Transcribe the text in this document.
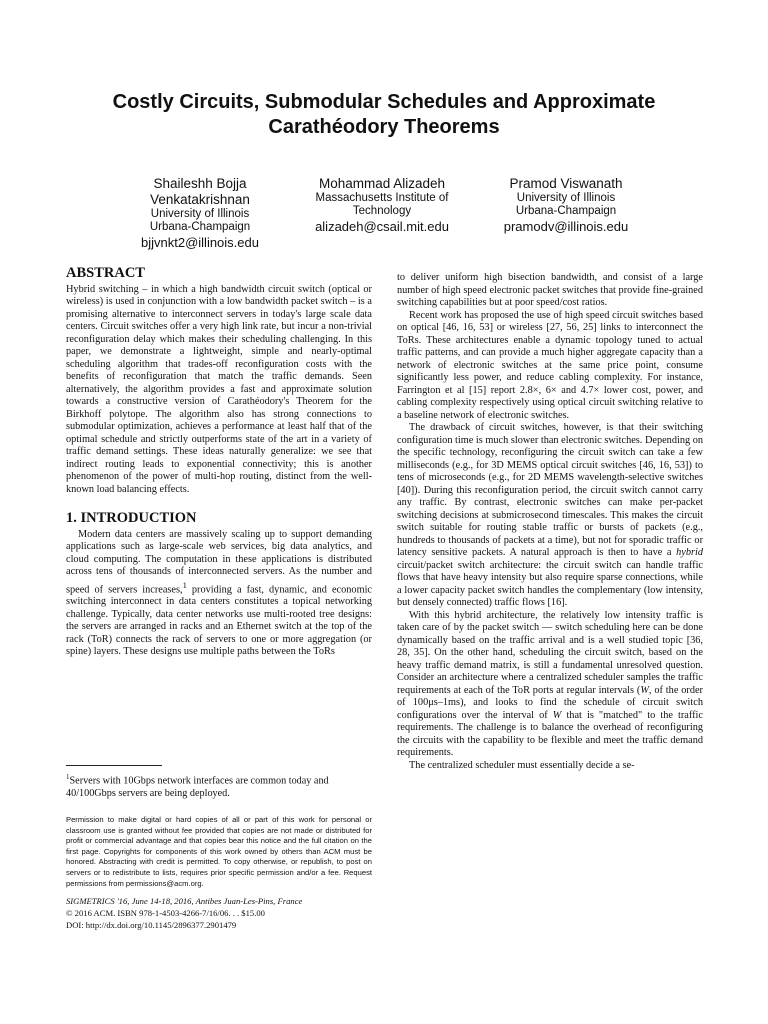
Costly Circuits, Submodular Schedules and Approximate
Carathéodory Theorems
Shaileshh Bojja
Venkatakrishnan
University of Illinois
Urbana-Champaign
bjjvnkt2@illinois.edu
Mohammad Alizadeh
Massachusetts Institute of
Technology
alizadeh@csail.mit.edu
Pramod Viswanath
University of Illinois
Urbana-Champaign
pramodv@illinois.edu
ABSTRACT

Hybrid switching – in which a high bandwidth circuit switch (optical or wireless) is used in conjunction with a low bandwidth packet switch – is a promising alternative to interconnect servers in today's large scale data centers. Circuit switches offer a very high link rate, but incur a non-trivial reconfiguration delay which makes their scheduling challenging. In this paper, we demonstrate a lightweight, simple and nearly-optimal scheduling algorithm that trades-off reconfiguration costs with the benefits of reconfiguration that match the traffic demands. Seen alternatively, the algorithm provides a fast and approximate solution towards a constructive version of Carathéodory's Theorem for the Birkhoff polytope. The algorithm also has strong connections to submodular optimization, achieves a performance at least half that of the optimal schedule and strictly outperforms state of the art in a variety of traffic demand settings. These ideas naturally generalize: we see that indirect routing leads to exponential connectivity; this is another phenomenon of the power of multi-hop routing, distinct from the well-known load balancing effects.

1. INTRODUCTION

Modern data centers are massively scaling up to support demanding applications such as large-scale web services, big data analytics, and cloud computing. The computation in these applications is distributed across tens of thousands of interconnected servers. As the number and speed of servers increases,$^1$ providing a fast, dynamic, and economic switching interconnect in data centers constitutes a topical networking challenge. Typically, data center networks use multi-rooted tree designs: the servers are arranged in racks and an Ethernet switch at the top of the rack (ToR) connects the rack of servers to one or more aggregation (or spine) layers. These designs use multiple paths between the ToRs

$^1$Servers with 10Gbps network interfaces are common today and 40/100Gbps servers are being deployed.
Permission to make digital or hard copies of all or part of this work for personal or classroom use is granted without fee provided that copies are not made or distributed for profit or commercial advantage and that copies bear this notice and the full citation on the first page. Copyrights for components of this work owned by others than ACM must be honored. Abstracting with credit is permitted. To copy otherwise, or republish, to post on servers or to redistribute to lists, requires prior specific permission and/or a fee. Request permissions from permissions@acm.org.
SIGMETRICS '16, June 14-18, 2016, Antibes Juan-Les-Pins, France
© 2016 ACM. ISBN 978-1-4503-4266-7/16/06. . . $15.00
DOI: http://dx.doi.org/10.1145/2896377.2901479

to deliver uniform high bisection bandwidth, and consist of a large number of high speed electronic packet switches that provide fine-grained switching capabilities but at poor speed/cost ratios.

Recent work has proposed the use of high speed circuit switches based on optical [46, 16, 53] or wireless [27, 56, 25] links to interconnect the ToRs. These architectures enable a dynamic topology tuned to actual traffic patterns, and can provide a much higher aggregate capacity than a network of electronic switches at the same price point, consume significantly less power, and reduce cabling complexity. For instance, Farrington et al [15] report 2.8×, 6× and 4.7× lower cost, power, and cabling complexity respectively using optical circuit switching relative to a baseline network of electronic switches.

The drawback of circuit switches, however, is that their switching configuration time is much slower than electronic switches. Depending on the specific technology, reconfiguring the circuit switch can take a few milliseconds (e.g., for 3D MEMS optical circuit switches [46, 16, 53]) to tens of microseconds (e.g., for 2D MEMS wavelength-selective switches [40]). During this reconfiguration period, the circuit switch cannot carry any traffic. By contrast, electronic switches can make per-packet switching decisions at submicrosecond timescales. This makes the circuit switch suitable for routing stable traffic or bursts of packets (e.g., hundreds to thousands of packets at a time), but not for sporadic traffic or latency sensitive packets. A natural approach is then to have a hybrid circuit/packet switch architecture: the circuit switch can handle traffic flows that have heavy intensity but also require sparse connections, while a lower capacity packet switch handles the complementary (low intensity, but densely connected) traffic flows [16].

With this hybrid architecture, the relatively low intensity traffic is taken care of by the packet switch — switch scheduling here can be done dynamically based on the traffic arrival and is a well studied topic [36, 28, 35]. On the other hand, scheduling the circuit switch, based on the heavy traffic demand matrix, is still a fundamental unresolved question. Consider an architecture where a centralized scheduler samples the traffic requirements at each of the ToR ports at regular intervals (W, of the order of 100μs–1ms), and looks to find the schedule of circuit switch configurations over the interval of W that is "matched" to the traffic requirements. The challenge is to balance the overhead of reconfiguring the circuits with the capability to be flexible and meet the traffic demand requirements.

The centralized scheduler must essentially decide a se-
